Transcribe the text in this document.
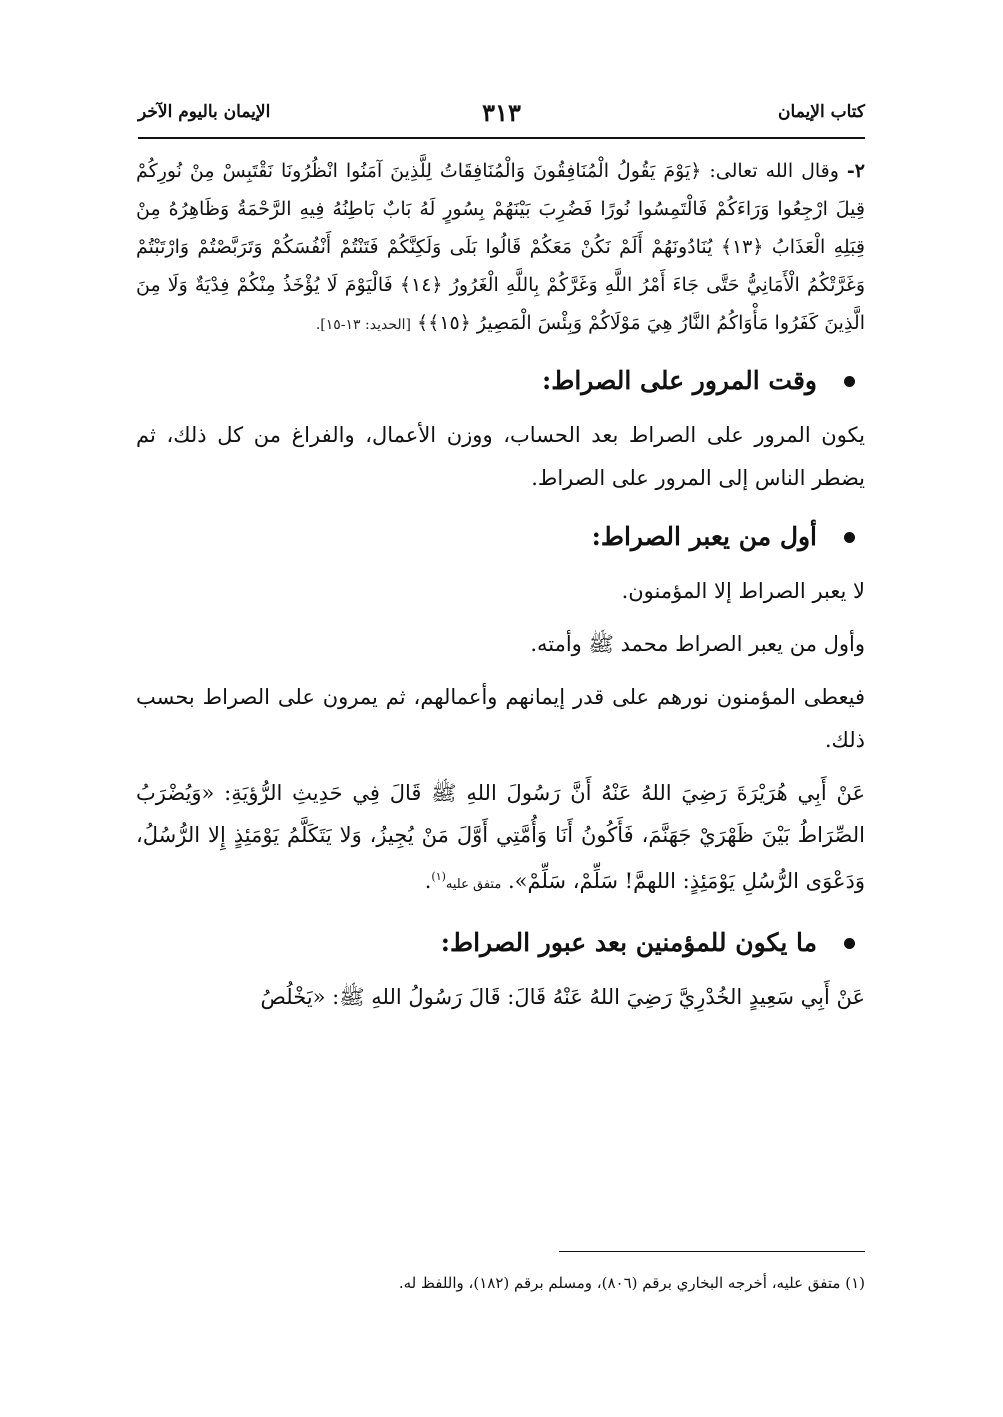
كتاب الإيمان
٣١٣
الإيمان باليوم الآخر

٢- وقال الله تعالى: ﴿يَوْمَ يَقُولُ الْمُنَافِقُونَ وَالْمُنَافِقَاتُ لِلَّذِينَ آمَنُوا انْظُرُونَا نَقْتَبِسْ مِنْ نُورِكُمْ قِيلَ ارْجِعُوا وَرَاءَكُمْ فَالْتَمِسُوا نُورًا فَضُرِبَ بَيْنَهُمْ بِسُورٍ لَهُ بَابٌ بَاطِنُهُ فِيهِ الرَّحْمَةُ وَظَاهِرُهُ مِنْ قِبَلِهِ الْعَذَابُ ﴿١٣﴾ يُنَادُونَهُمْ أَلَمْ نَكُنْ مَعَكُمْ قَالُوا بَلَى وَلَكِنَّكُمْ فَتَنْتُمْ أَنْفُسَكُمْ وَتَرَبَّصْتُمْ وَارْتَبْتُمْ وَغَرَّتْكُمُ الْأَمَانِيُّ حَتَّى جَاءَ أَمْرُ اللَّهِ وَغَرَّكُمْ بِاللَّهِ الْغَرُورُ ﴿١٤﴾ فَالْيَوْمَ لَا يُؤْخَذُ مِنْكُمْ فِدْيَةٌ وَلَا مِنَ الَّذِينَ كَفَرُوا مَأْوَاكُمُ النَّارُ هِيَ مَوْلَاكُمْ وَبِئْسَ الْمَصِيرُ ﴿١٥﴾﴾ [الحديد: ١٣-١٥].

وقت المرور على الصراط:

يكون المرور على الصراط بعد الحساب، ووزن الأعمال، والفراغ من كل ذلك، ثم يضطر الناس إلى المرور على الصراط.

أول من يعبر الصراط:

لا يعبر الصراط إلا المؤمنون.

وأول من يعبر الصراط محمد ﷺ وأمته.

فيعطى المؤمنون نورهم على قدر إيمانهم وأعمالهم، ثم يمرون على الصراط بحسب ذلك.

عَنْ أَبِي هُرَيْرَةَ رَضِيَ اللهُ عَنْهُ أَنَّ رَسُولَ اللهِ ﷺ قَالَ فِي حَدِيثِ الرُّؤيَةِ: «وَيُضْرَبُ الصِّرَاطُ بَيْنَ ظَهْرَيْ جَهَنَّمَ، فَأَكُونُ أَنَا وَأُمَّتِي أَوَّلَ مَنْ يُجِيزُ، وَلا يَتَكَلَّمُ يَوْمَئِذٍ إِلا الرُّسُلُ، وَدَعْوَى الرُّسُلِ يَوْمَئِذٍ: اللهمَّ! سَلِّمْ، سَلِّمْ». متفق عليه$^{(١)}$.

ما يكون للمؤمنين بعد عبور الصراط:

عَنْ أَبِي سَعِيدٍ الخُدْرِيَّ رَضِيَ اللهُ عَنْهُ قَالَ: قَالَ رَسُولُ اللهِ ﷺ: «يَخْلُصُ

(١) متفق عليه، أخرجه البخاري برقم (٨٠٦)، ومسلم برقم (١٨٢)، واللفظ له.
